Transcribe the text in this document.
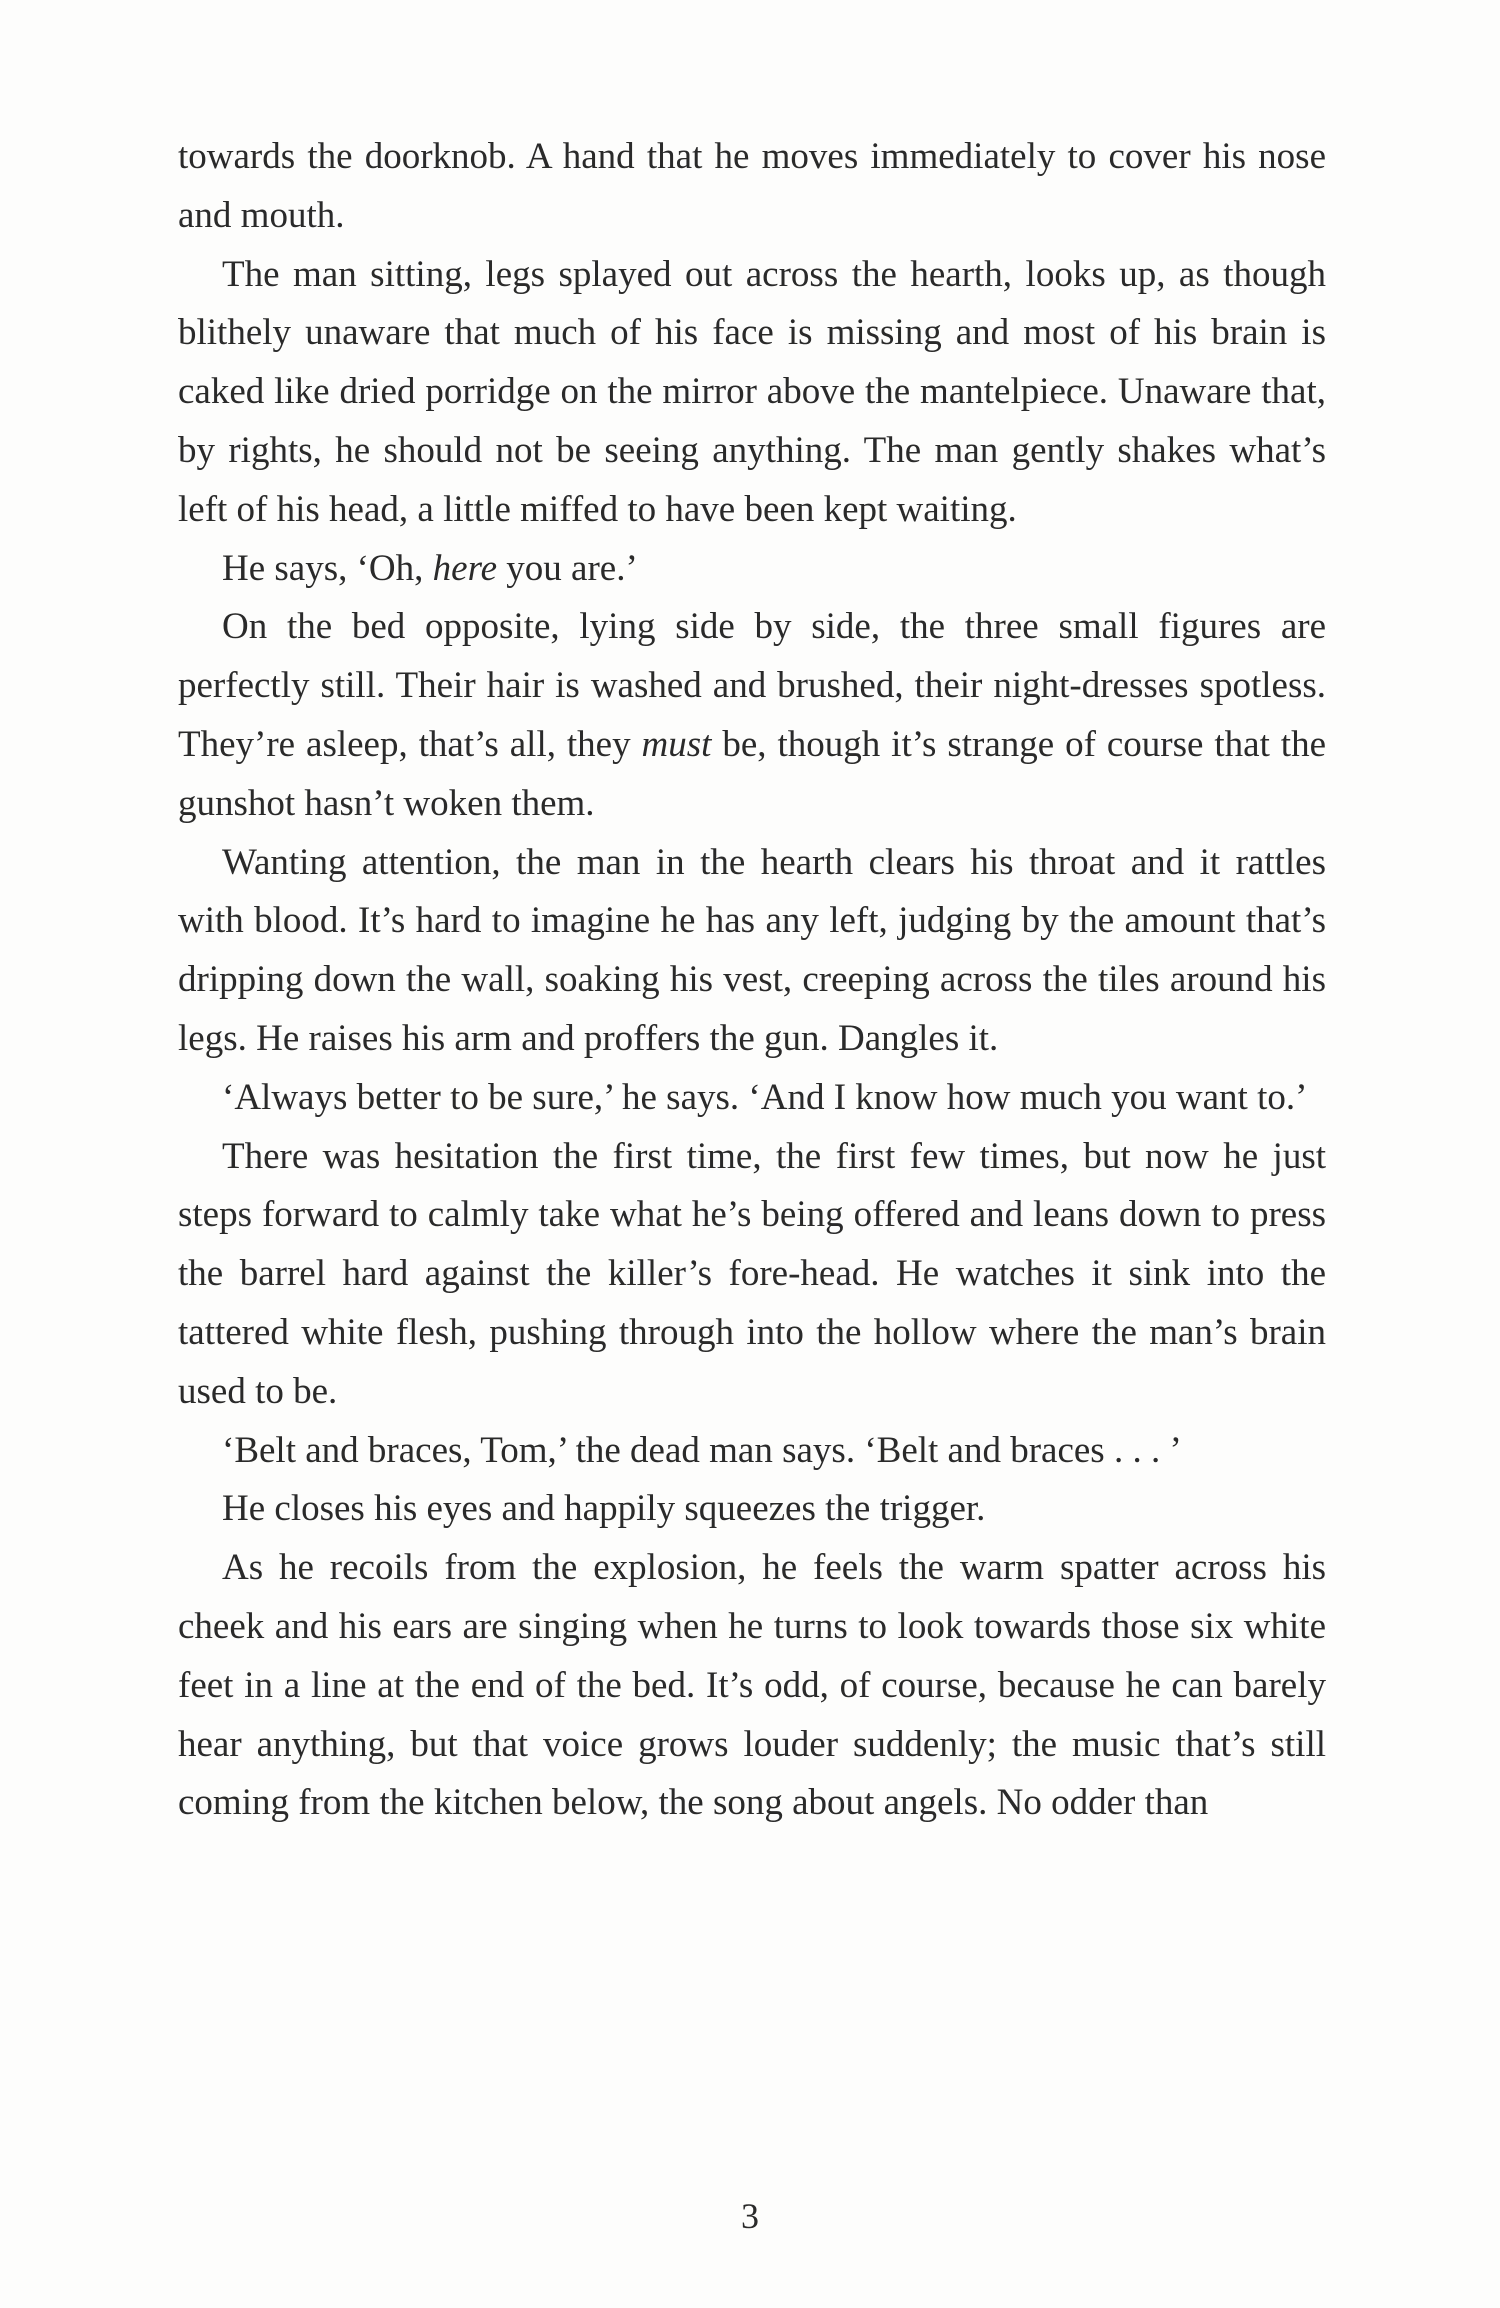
towards the doorknob. A hand that he moves immediately to cover his nose and mouth.

The man sitting, legs splayed out across the hearth, looks up, as though blithely unaware that much of his face is missing and most of his brain is caked like dried porridge on the mirror above the mantelpiece. Unaware that, by rights, he should not be seeing anything. The man gently shakes what’s left of his head, a little miffed to have been kept waiting.

He says, ‘Oh, here you are.’

On the bed opposite, lying side by side, the three small figures are perfectly still. Their hair is washed and brushed, their night-dresses spotless. They’re asleep, that’s all, they must be, though it’s strange of course that the gunshot hasn’t woken them.

Wanting attention, the man in the hearth clears his throat and it rattles with blood. It’s hard to imagine he has any left, judging by the amount that’s dripping down the wall, soaking his vest, creeping across the tiles around his legs. He raises his arm and proffers the gun. Dangles it.

‘Always better to be sure,’ he says. ‘And I know how much you want to.’

There was hesitation the first time, the first few times, but now he just steps forward to calmly take what he’s being offered and leans down to press the barrel hard against the killer’s fore-head. He watches it sink into the tattered white flesh, pushing through into the hollow where the man’s brain used to be.

‘Belt and braces, Tom,’ the dead man says. ‘Belt and braces . . . ’

He closes his eyes and happily squeezes the trigger.

As he recoils from the explosion, he feels the warm spatter across his cheek and his ears are singing when he turns to look towards those six white feet in a line at the end of the bed. It’s odd, of course, because he can barely hear anything, but that voice grows louder suddenly; the music that’s still coming from the kitchen below, the song about angels. No odder than

3
